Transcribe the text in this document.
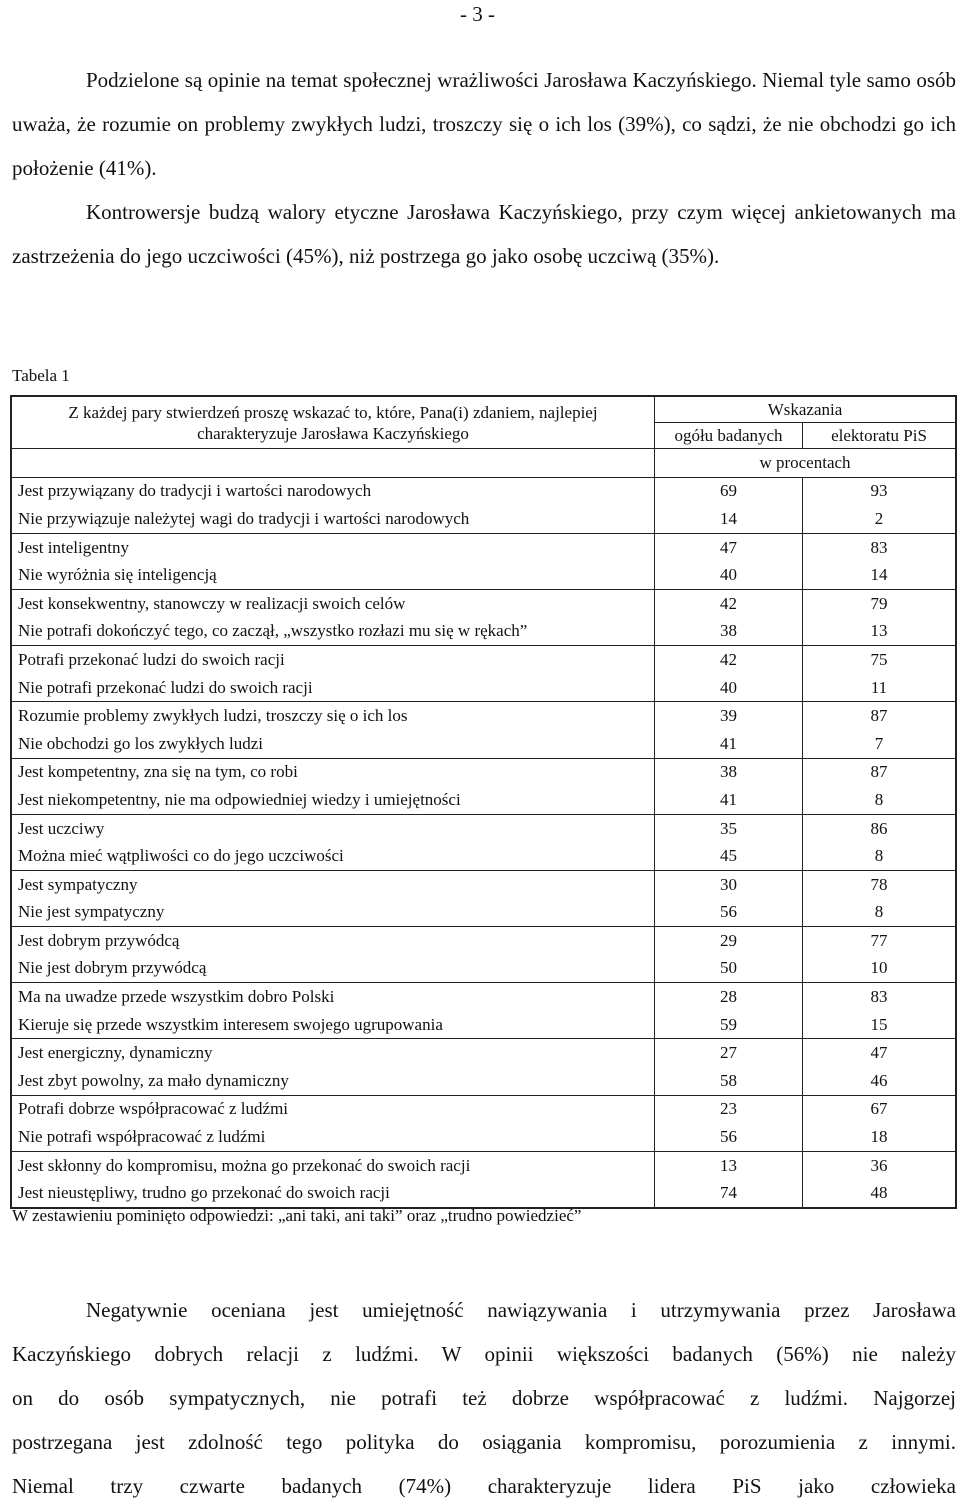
- 3 -

Podzielone są opinie na temat społecznej wrażliwości Jarosława Kaczyńskiego. Niemal tyle samo osób uważa, że rozumie on problemy zwykłych ludzi, troszczy się o ich los (39%), co sądzi, że nie obchodzi go ich położenie (41%).

Kontrowersje budzą walory etyczne Jarosława Kaczyńskiego, przy czym więcej ankietowanych ma zastrzeżenia do jego uczciwości (45%), niż postrzega go jako osobę uczciwą (35%).

Tabela 1
Z każdej pary stwierdzeń proszę wskazać to, które, Pana(i) zdaniem, najlepiej charakteryzuje Jarosława Kaczyńskiego	Wskazania	
	ogółu badanych	elektoratu PiS
	w procentach	
Jest przywiązany do tradycji i wartości narodowych	69	93
Nie przywiązuje należytej wagi do tradycji i wartości narodowych	14	2
Jest inteligentny	47	83
Nie wyróżnia się inteligencją	40	14
Jest konsekwentny, stanowczy w realizacji swoich celów	42	79
Nie potrafi dokończyć tego, co zaczął, „wszystko rozłazi mu się w rękach”	38	13
Potrafi przekonać ludzi do swoich racji	42	75
Nie potrafi przekonać ludzi do swoich racji	40	11
Rozumie problemy zwykłych ludzi, troszczy się o ich los	39	87
Nie obchodzi go los zwykłych ludzi	41	7
Jest kompetentny, zna się na tym, co robi	38	87
Jest niekompetentny, nie ma odpowiedniej wiedzy i umiejętności	41	8
Jest uczciwy	35	86
Można mieć wątpliwości co do jego uczciwości	45	8
Jest sympatyczny	30	78
Nie jest sympatyczny	56	8
Jest dobrym przywódcą	29	77
Nie jest dobrym przywódcą	50	10
Ma na uwadze przede wszystkim dobro Polski	28	83
Kieruje się przede wszystkim interesem swojego ugrupowania	59	15
Jest energiczny, dynamiczny	27	47
Jest zbyt powolny, za mało dynamiczny	58	46
Potrafi dobrze współpracować z ludźmi	23	67
Nie potrafi współpracować z ludźmi	56	18
Jest skłonny do kompromisu, można go przekonać do swoich racji	13	36
Jest nieustępliwy, trudno go przekonać do swoich racji	74	48
W zestawieniu pominięto odpowiedzi: „ani taki, ani taki” oraz „trudno powiedzieć”
Negatywnie oceniana jest umiejętność nawiązywania i utrzymywania przez Jarosława
Kaczyńskiego dobrych relacji z ludźmi. W opinii większości badanych (56%) nie należy
on do osób sympatycznych, nie potrafi też dobrze współpracować z ludźmi. Najgorzej
postrzegana jest zdolność tego polityka do osiągania kompromisu, porozumienia z innymi.
Niemal trzy czwarte badanych (74%) charakteryzuje lidera PiS jako człowieka
